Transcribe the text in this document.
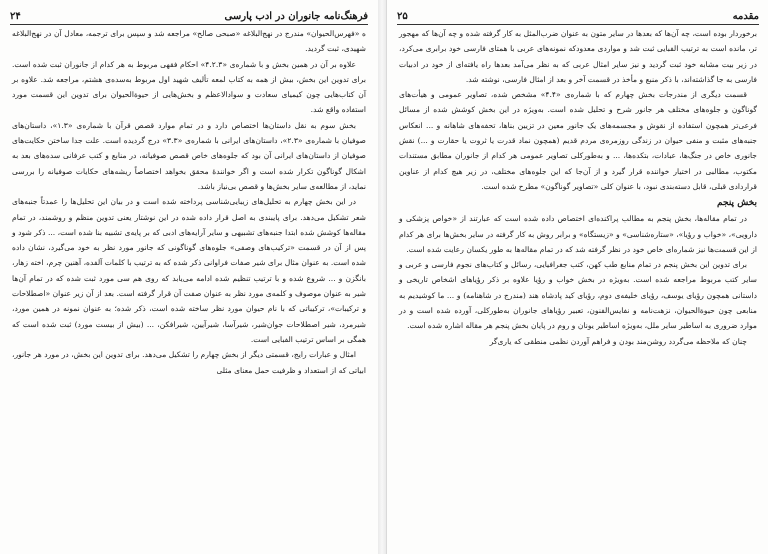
فرهنگ‌نامه جانوران در ادب پارسی
۲۴

ه «فهرس‌الحیوان» مندرج در نهج‌البلاغه «صبحی صالح» مراجعه شد و سپس برای ترجمه، معادل آن در نهج‌البلاغه شهیدی، ثبت گردید.

علاوه بر آن در همین بخش و با شماره‌ی «۴.۲.۳» احکام فقهی مربوط به هر کدام از جانوران ثبت شده است. برای تدوین این بخش، بیش از همه به کتاب لمعه تألیف شهید اول مربوط به‌سده‌ی هشتم، مراجعه شد. علاوه بر آن کتاب‌هایی چون کیمیای سعادت و سوادالاعظم و بخش‌هایی از حیوةالحیوان برای تدوین این قسمت مورد استفاده واقع شد.

بخش سوم به نقل داستان‌ها اختصاص دارد و در تمام موارد قصص قرآن با شماره‌ی «۱.۳»، داستان‌های صوفیان با شماره‌ی «۲.۳»، داستان‌های ایرانی با شماره‌ی «۳.۳» درج گردیده است. علت جدا ساختن حکایت‌های صوفیان از داستان‌های ایرانی آن بود که جلوه‌های خاص قصص صوفیانه، در منابع و کتب عرفانی سده‌های بعد به اشکال گوناگون تکرار شده است و اگر خوانندهٔ محقق بخواهد اختصاصاً ریشه‌های حکایات صوفیانه را بررسی نماید، از مطالعه‌ی سایر بخش‌ها و قصص بی‌نیاز باشد.

در این بخش چهارم به تحلیل‌های زیبایی‌شناسی پرداخته شده است و در بیان این تحلیل‌ها را عمدتاً جنبه‌های شعر تشکیل می‌دهد. برای پایبندی به اصل قرار داده شده در این نوشتار یعنی تدوین منظم و روشمند، در تمام مقاله‌ها کوشش شده ابتدا جنبه‌های تشبیهی و سایر آرایه‌های ادبی که بر پایه‌ی تشبیه بنا شده است، ... ذکر شود و پس از آن در قسمت «ترکیب‌های وصفی» جلوه‌های گوناگونی که جانور مورد نظر به خود می‌گیرد، نشان داده شده است. به عنوان مثال برای شیر صفات فراوانی ذکر شده که به ترتیب با کلمات آلفده، آهنین چرم، اخته زهار، بانگزن و ... شروع شده و با ترتیب تنظیم شده ادامه می‌یابد که روی هم سی مورد ثبت شده که در تمام آن‌ها شیر به عنوان موصوف و کلمه‌ی مورد نظر به عنوان صفت آن قرار گرفته است. بعد از آن زیر عنوان «اصطلاحات و ترکیبات»، ترکیباتی که با نام حیوان مورد نظر ساخته شده است، ذکر شده؛ به عنوان نمونه در همین مورد، شیرمرد، شیر اصطلاحات جوان‌شیر، شیرآسا، شیرآیین، شیرافکن، ... (بیش از بیست مورد) ثبت شده است که همگی بر اساس ترتیب الفبایی است.

امثال و عبارات رایج، قسمتی دیگر از بخش چهارم را تشکیل می‌دهد. برای تدوین این بخش، در مورد هر جانور، ابیاتی که از استعداد و ظرفیت حمل معنای مثلی

مقدمه
۲۵

برخوردار بوده است، چه آن‌ها که بعدها در سایر متون به عنوان ضرب‌المثل به کار گرفته شده و چه آن‌ها که مهجور تر، مانده است به ترتیب الفبایی ثبت شد و مواردی معدودکه نمونه‌های عربی با همتای فارسی خود برابری می‌کرد، در زیر بیت مشابه خود ثبت گردید و نیز سایر امثال عربی که به نظر می‌آمد بعدها راه یافته‌ای از خود در ادبیات فارسی به جا گذاشته‌اند، با ذکر منبع و مأخذ در قسمت آخر و بعد از امثال فارسی، نوشته شد.

قسمت دیگری از مندرجات بخش چهارم که با شماره‌ی «۴.۴» مشخص شده، تصاویر عمومی و هیأت‌های گوناگون و جلوه‌های مختلف هر جانور شرح و تحلیل شده است. به‌ویژه در این بخش کوشش شده از مسائل فرعی‌تر همچون استفاده از نقوش و مجسمه‌های یک جانور معین در تزیین بناها، تحفه‌های شاهانه و ... انعکاس جنبه‌های مثبت و منفی حیوان در زندگی روزمره‌ی مردم قدیم (همچون نماد قدرت یا ثروت یا حقارت و ...) نقش جانوری خاص در جنگ‌ها، عبادات، بتکده‌ها، ... و به‌طورکلی تصاویر عمومی هر کدام از جانوران مطابق مستندات مکتوب، مطالبی در اختیار خواننده قرار گیرد و از آن‌جا که این جلوه‌های مختلف، در زیر هیچ کدام از عناوین قراردادی قبلی، قابل دسته‌بندی نبود، با عنوان کلی «تصاویر گوناگون» مطرح شده است.

بخش پنجم

در تمام مقاله‌ها، بخش پنجم به مطالب پراکنده‌ای اختصاص داده شده است که عبارتند از «خواص پزشکی و دارویی»، «خواب و رؤیا»، «ستاره‌شناسی» و «زیستگاه» و برابر روش به کار گرفته در سایر بخش‌ها برای هر کدام از این قسمت‌ها نیز شماره‌ای خاص خود در نظر گرفته شد که در تمام مقاله‌ها به طور یکسان رعایت شده است.

برای تدوین این بخش پنجم در تمام منابع طب کهن، کتب جغرافیایی، رسائل و کتاب‌های نجوم فارسی و عربی و سایر کتب مربوط مراجعه شده است. به‌ویژه در بخش خواب و رؤیا علاوه بر ذکر رؤیاهای اشخاص تاریخی و داستانی همچون رؤیای یوسف، رؤیای خلیفه‌ی دوم، رؤیای کید پادشاه هند (مندرج در شاهنامه) و ... ما کوشیدیم به منابعی چون حیوةالحیوان، نزهت‌نامه و نفایس‌الفنون، تعبیر رؤیاهای جانوران به‌طورکلی، آورده شده است و در موارد ضروری به اساطیر سایر ملل، به‌ویژه اساطیر یونان و روم در پایان بخش پنجم هر مقاله اشاره شده است.

چنان که ملاحظه می‌گردد روشن‌مند بودن و فراهم آوردن نظمی منطقی که یاری‌گر
